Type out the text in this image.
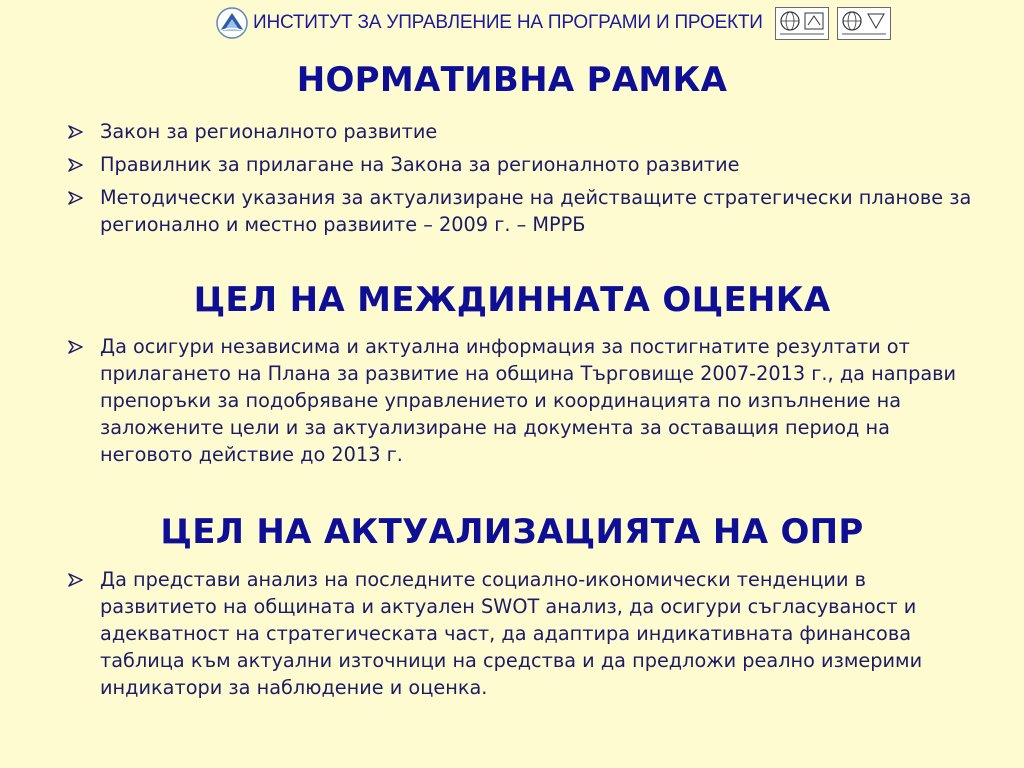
ИНСТИТУТ ЗА УПРАВЛЕНИЕ НА ПРОГРАМИ И ПРОЕКТИ
НОРМАТИВНА РАМКА
Закон за регионалното развитие
Правилник за прилагане на Закона за регионалното развитие
Методически указания за актуализиране на действащите стратегически планове за регионално и местно развиите – 2009 г. – МРРБ
ЦЕЛ НА МЕЖДИННАТА ОЦЕНКА
Да осигури независима и актуална информация за постигнатите резултати от прилагането на Плана за развитие на община Търговище 2007-2013 г., да направи препоръки за подобряване управлението и координацията по изпълнение на заложените цели и за актуализиране на документа за оставащия период на неговото действие до 2013 г.
ЦЕЛ НА АКТУАЛИЗАЦИЯТА НА ОПР
Да представи анализ на последните социално-икономически тенденции в развитието на общината и актуален SWOT анализ, да осигури съгласуваност и адекватност на стратегическата част, да адаптира индикативната финансова таблица към актуални източници на средства и да предложи реално измерими индикатори за наблюдение и оценка.
